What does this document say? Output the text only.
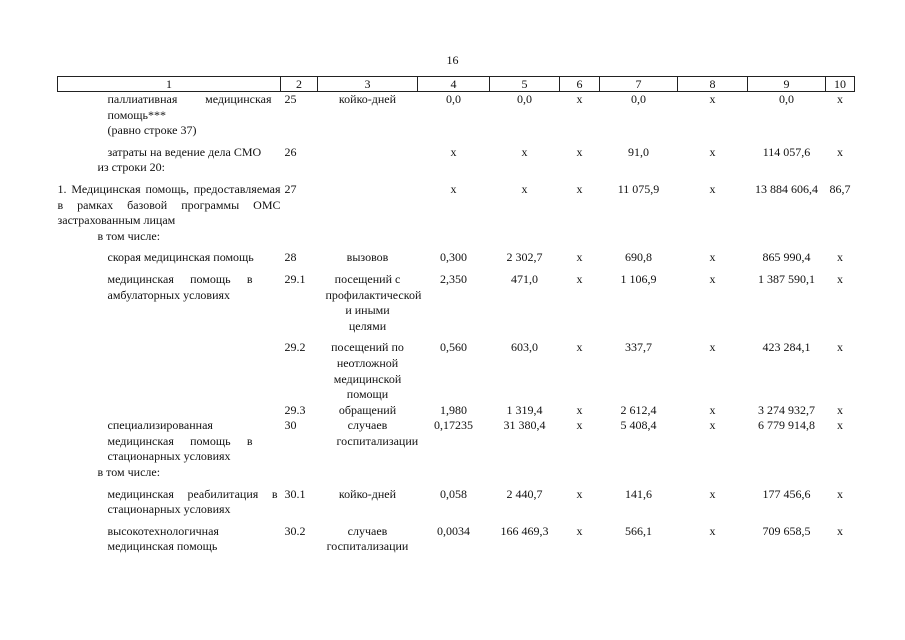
16
1	2	3	4	5	6	7	8	9	10

паллиативная медицинская помощь***	25	койко-дней	0,0	0,0	х	0,0	х	0,0	х

(равно строке 37)									

затраты на ведение дела СМО	26		х	х	х	91,0	х	114 057,6	х

из строки 20:									

1. Медицинская помощь, предоставляемая в рамках базовой программы ОМС застрахованным лицам	27		х	х	х	11 075,9	х	13 884 606,4	86,7

в том числе:									

скорая медицинская помощь	28	вызовов	0,300	2 302,7	х	690,8	х	865 990,4	х

медицинская помощь в амбулаторных условиях	29.1	посещений с профилактической и иными целями	2,350	471,0	х	1 106,9	х	1 387 590,1	х

	29.2	посещений по неотложной медицинской помощи	0,560	603,0	х	337,7	х	423 284,1	х

	29.3	обращений	1,980	1 319,4	х	2 612,4	х	3 274 932,7	х

специализированная медицинская помощь в стационарных условиях	30	случаев госпитализации	0,17235	31 380,4	х	5 408,4	х	6 779 914,8	х

в том числе:									

медицинская реабилитация в стационарных условиях	30.1	койко-дней	0,058	2 440,7	х	141,6	х	177 456,6	х

высокотехнологичная медицинская помощь	30.2	случаев госпитализации	0,0034	166 469,3	х	566,1	х	709 658,5	х
